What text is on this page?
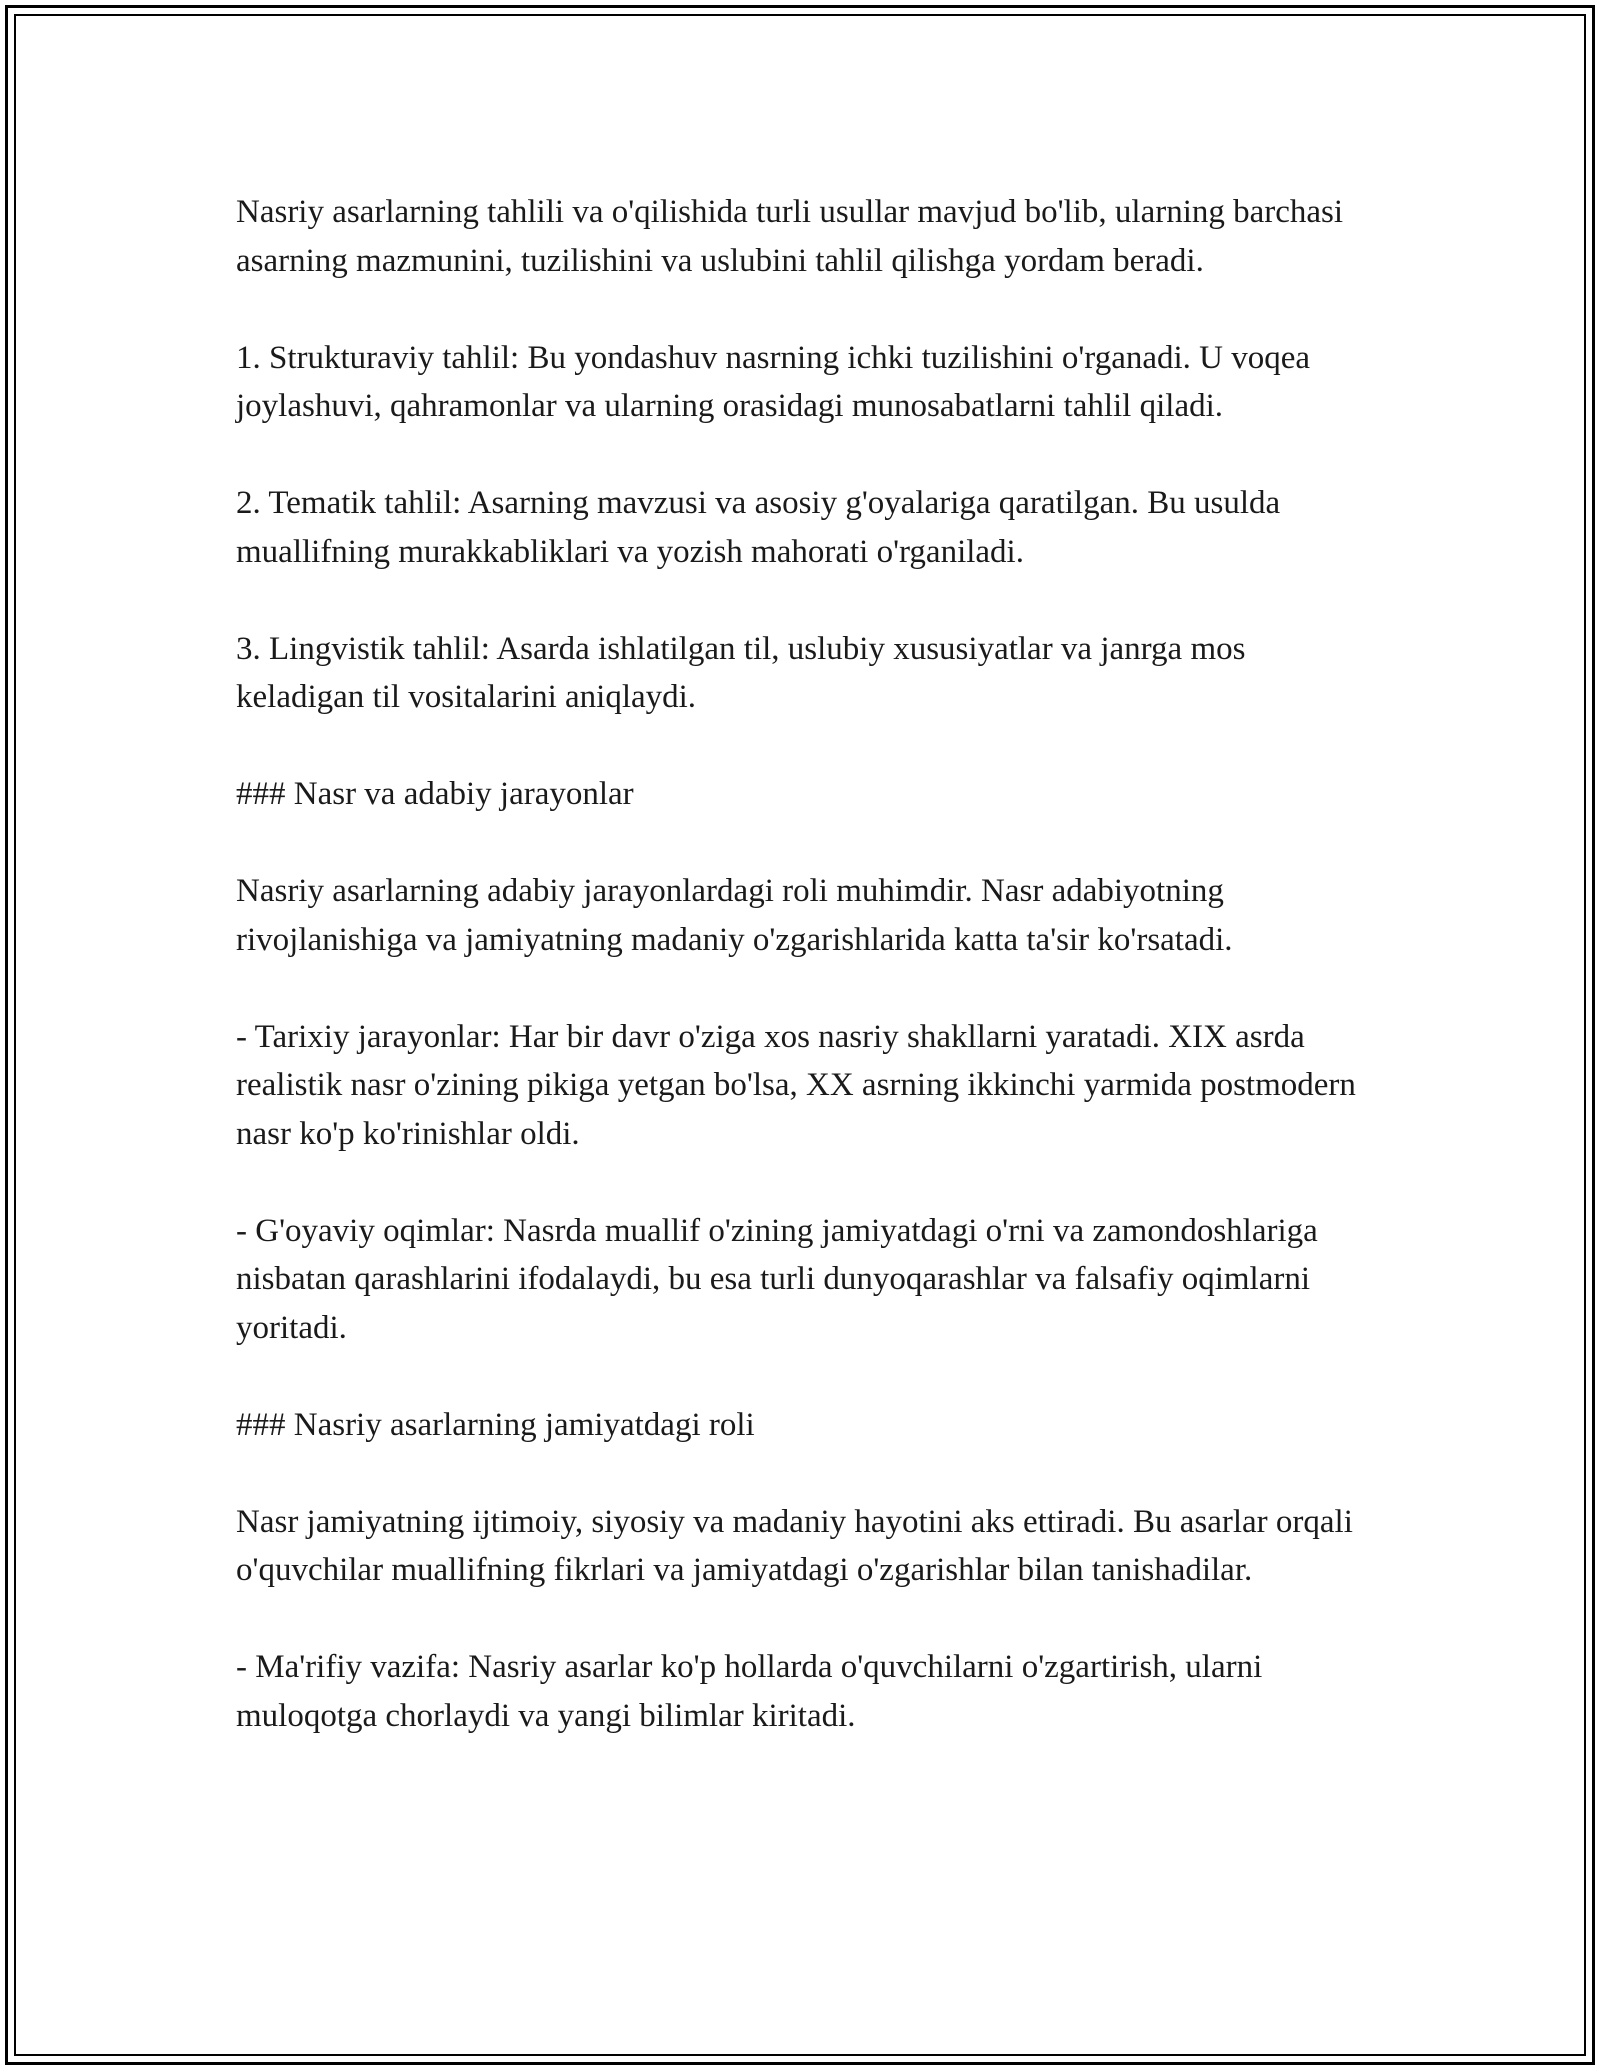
Nasriy asarlarning tahlili va o'qilishida turli usullar mavjud bo'lib, ularning barchasi asarning mazmunini, tuzilishini va uslubini tahlil qilishga yordam beradi.

1. Strukturaviy tahlil: Bu yondashuv nasrning ichki tuzilishini o'rganadi. U voqea joylashuvi, qahramonlar va ularning orasidagi munosabatlarni tahlil qiladi.

2. Tematik tahlil: Asarning mavzusi va asosiy g'oyalariga qaratilgan. Bu usulda muallifning murakkabliklari va yozish mahorati o'rganiladi.

3. Lingvistik tahlil: Asarda ishlatilgan til, uslubiy xususiyatlar va janrga mos keladigan til vositalarini aniqlaydi.

### Nasr va adabiy jarayonlar

Nasriy asarlarning adabiy jarayonlardagi roli muhimdir. Nasr adabiyotning rivojlanishiga va jamiyatning madaniy o'zgarishlarida katta ta'sir ko'rsatadi.

- Tarixiy jarayonlar: Har bir davr o'ziga xos nasriy shakllarni yaratadi. XIX asrda realistik nasr o'zining pikiga yetgan bo'lsa, XX asrning ikkinchi yarmida postmodern nasr ko'p ko'rinishlar oldi.

- G'oyaviy oqimlar: Nasrda muallif o'zining jamiyatdagi o'rni va zamondoshlariga nisbatan qarashlarini ifodalaydi, bu esa turli dunyoqarashlar va falsafiy oqimlarni yoritadi.

### Nasriy asarlarning jamiyatdagi roli

Nasr jamiyatning ijtimoiy, siyosiy va madaniy hayotini aks ettiradi. Bu asarlar orqali o'quvchilar muallifning fikrlari va jamiyatdagi o'zgarishlar bilan tanishadilar.

- Ma'rifiy vazifa: Nasriy asarlar ko'p hollarda o'quvchilarni o'zgartirish, ularni muloqotga chorlaydi va yangi bilimlar kiritadi.
